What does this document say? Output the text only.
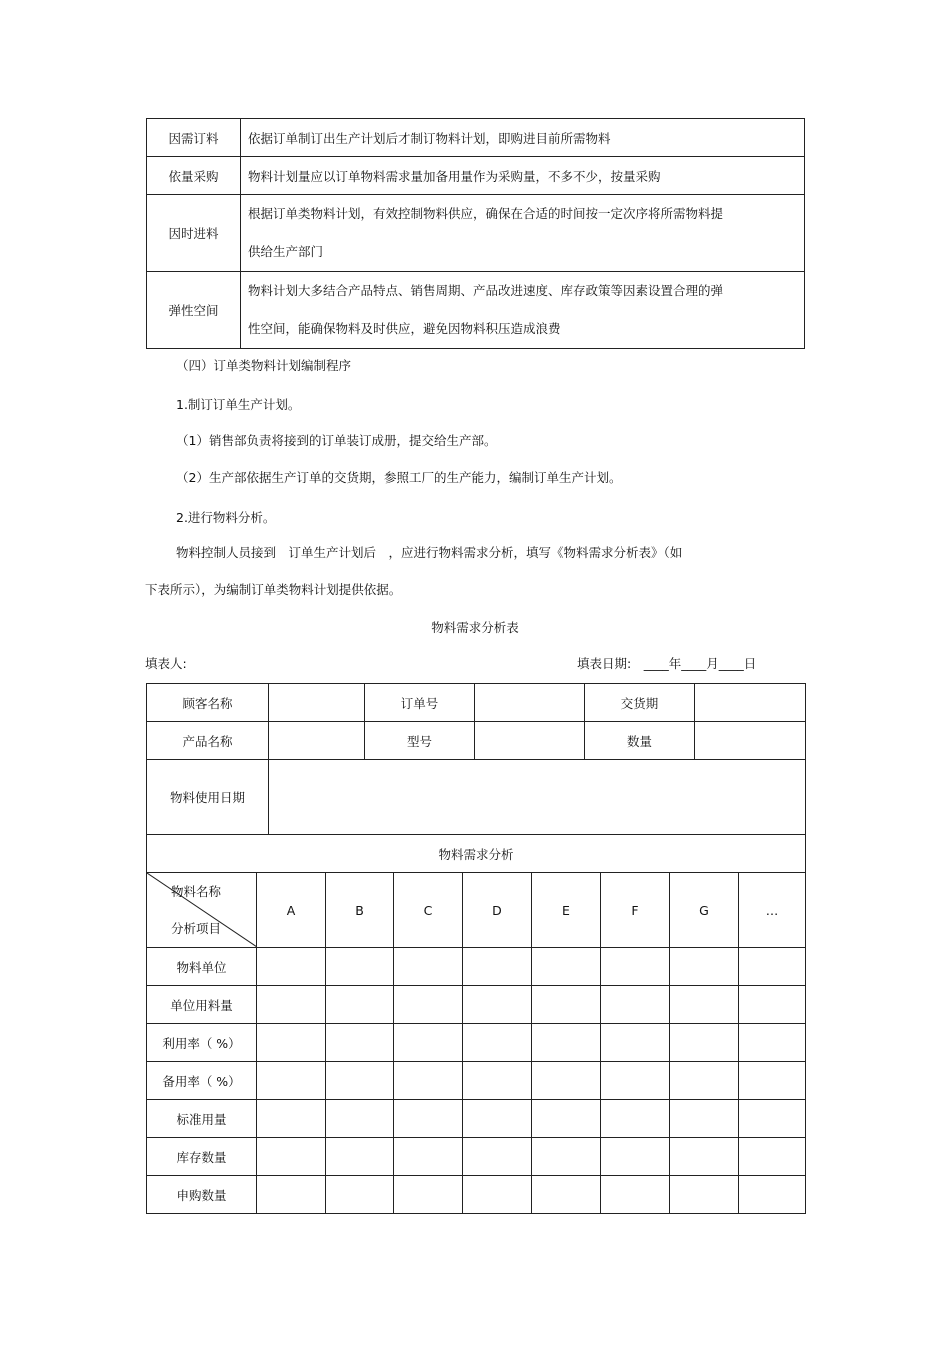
因需订料	依据订单制订出生产计划后才制订物料计划，即购进目前所需物料
依量采购	物料计划量应以订单物料需求量加备用量作为采购量，不多不少，按量采购
因时进料	根据订单类物料计划，有效控制物料供应，确保在合适的时间按一定次序将所需物料提
供给生产部门

弹性空间	物料计划大多结合产品特点、销售周期、产品改进速度、库存政策等因素设置合理的弹
性空间，能确保物料及时供应，避免因物料积压造成浪费
（四）订单类物料计划编制程序
1.制订订单生产计划。
（1）销售部负责将接到的订单装订成册，提交给生产部。
（2）生产部依据生产订单的交货期，参照工厂的生产能力，编制订单生产计划。
2.进行物料分析。
物料控制人员接到　订单生产计划后　，应进行物料需求分析，填写《物料需求分析表》（如
下表所示），为编制订单类物料计划提供依据。
物料需求分析表
填表人:	填表日期:　____年____月____日
顾客名称		订单号		交货期	
产品名称		型号		数量	
物料使用日期					
物料需求分析					
物料名称
分析项目	A	B	C	D	E	F	G	…
物料单位								
单位用料量								
利用率（ %）								
备用率（ %）								
标准用量								
库存数量								
申购数量								
